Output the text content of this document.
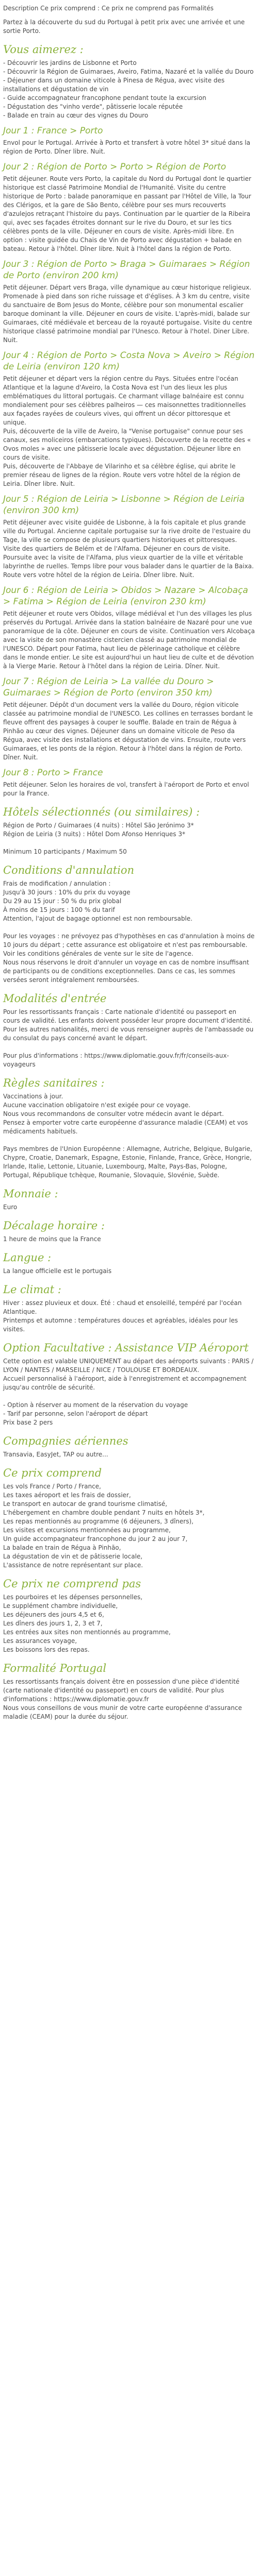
Description Ce prix comprend : Ce prix ne comprend pas Formalités

Partez à la découverte du sud du Portugal à petit prix avec une arrivée et une sortie Porto.

Vous aimerez :
- Découvrir les jardins de Lisbonne et Porto
- Découvrir la Région de Guimaraes, Aveiro, Fatima, Nazaré et la vallée du Douro
- Déjeuner dans un domaine viticole à Pinesa de Régua, avec visite des installations et dégustation de vin
- Guide accompagnateur francophone pendant toute la excursion
- Dégustation des "vinho verde", pâtisserie locale réputée
- Balade en train au cœur des vignes du Douro
Jour 1 : France > Porto

Envol pour le Portugal. Arrivée à Porto et transfert à votre hôtel 3* situé dans la région de Porto. Dîner libre. Nuit.

Jour 2 : Région de Porto > Porto > Région de Porto

Petit déjeuner. Route vers Porto, la capitale du Nord du Portugal dont le quartier historique est classé Patrimoine Mondial de l'Humanité. Visite du centre historique de Porto : balade panoramique en passant par l'Hôtel de Ville, la Tour des Clérigos, et la gare de São Bento, célèbre pour ses murs recouverts d'azulejos retraçant l'histoire du pays. Continuation par le quartier de la Ribeira qui, avec ses façades étroites donnant sur le rive du Douro, et sur les tics célèbres ponts de la ville. Déjeuner en cours de visite. Après-midi libre. En option : visite guidée du Chais de Vin de Porto avec dégustation + balade en bateau. Retour à l'hôtel. Dîner libre. Nuit à l'hôtel dans la région de Porto.

Jour 3 : Région de Porto > Braga > Guimaraes > Région de Porto (environ 200 km)

Petit déjeuner. Départ vers Braga, ville dynamique au cœur historique religieux. Promenade à pied dans son riche ruissage et d'églises. À 3 km du centre, visite du sanctuaire de Bom Jesus do Monte, célèbre pour son monumental escalier baroque dominant la ville. Déjeuner en cours de visite. L'après-midi, balade sur Guimaraes, cité médiévale et berceau de la royauté portugaise. Visite du centre historique classé patrimoine mondial par l'Unesco. Retour à l'hotel. Diner Libre. Nuit.

Jour 4 : Région de Porto > Costa Nova > Aveiro > Région de Leiria (environ 120 km)

Petit déjeuner et départ vers la région centre du Pays. Situées entre l'océan Atlantique et la lagune d'Aveiro, la Costa Nova est l'un des lieux les plus emblématiques du littoral portugais. Ce charmant village balnéaire est connu mondialement pour ses célèbres palheiros — ces maisonnettes traditionnelles aux façades rayées de couleurs vives, qui offrent un décor pittoresque et unique.
Puis, découverte de la ville de Aveiro, la "Venise portugaise" connue pour ses canaux, ses moliceiros (embarcations typiques). Découverte de la recette des « Ovos moles » avec une pâtisserie locale avec dégustation. Déjeuner libre en cours de visite.
Puis, découverte de l'Abbaye de Vilarinho et sa célèbre église, qui abrite le premier réseau de lignes de la région. Route vers votre hôtel de la région de Leiria. Dîner libre. Nuit.

Jour 5 : Région de Leiria > Lisbonne > Région de Leiria (environ 300 km)

Petit déjeuner avec visite guidée de Lisbonne, à la fois capitale et plus grande ville du Portugal. Ancienne capitale portugaise sur la rive droite de l'estuaire du Tage, la ville se compose de plusieurs quartiers historiques et pittoresques. Visite des quartiers de Belém et de l'Alfama. Déjeuner en cours de visite. Poursuite avec la visite de l'Alfama, plus vieux quartier de la ville et véritable labyrinthe de ruelles. Temps libre pour vous balader dans le quartier de la Baixa. Route vers votre hôtel de la région de Leiria. Dîner libre. Nuit.

Jour 6 : Région de Leiria > Obidos > Nazare > Alcobaça > Fatima > Région de Leiria (environ 230 km)

Petit déjeuner et route vers Obidos, village médiéval et l'un des villages les plus préservés du Portugal. Arrivée dans la station balnéaire de Nazaré pour une vue panoramique de la côte. Déjeuner en cours de visite. Continuation vers Alcobaça avec la visite de son monastère cistercien classé au patrimoine mondial de l'UNESCO. Départ pour Fatima, haut lieu de pèlerinage catholique et célèbre dans le monde entier. Le site est aujourd'hui un haut lieu de culte et de dévotion à la Vierge Marie. Retour à l'hôtel dans la région de Leiria. Dîner. Nuit.

Jour 7 : Région de Leiria > La vallée du Douro > Guimaraes > Région de Porto (environ 350 km)

Petit déjeuner. Dépôt d'un document vers la vallée du Douro, région viticole classée au patrimoine mondial de l'UNESCO. Les collines en terrasses bordant le fleuve offrent des paysages à couper le souffle. Balade en train de Régua à Pinhão au cœur des vignes. Déjeuner dans un domaine viticole de Peso da Régua, avec visite des installations et dégustation de vins. Ensuite, route vers Guimaraes, et les ponts de la région. Retour à l'hôtel dans la région de Porto. Dîner. Nuit.

Jour 8 : Porto > France

Petit déjeuner. Selon les horaires de vol, transfert à l'aéroport de Porto et envol pour la France.

Hôtels sélectionnés (ou similaires) :

Région de Porto / Guimaraes (4 nuits) : Hôtel São Jerónimo 3*

Région de Leiria (3 nuits) : Hôtel Dom Afonso Henriques 3*

Minimum 10 participants / Maximum 50

Conditions d'annulation

Frais de modification / annulation :

Jusqu'à 30 jours : 10% du prix du voyage

Du 29 au 15 jour : 50 % du prix global

À moins de 15 jours : 100 % du tarif

Attention, l'ajout de bagage optionnel est non remboursable.

Pour les voyages : ne prévoyez pas d'hypothèses en cas d'annulation à moins de 10 jours du départ ; cette assurance est obligatoire et n'est pas remboursable. Voir les conditions générales de vente sur le site de l'agence.

Nous nous réservons le droit d'annuler un voyage en cas de nombre insuffisant de participants ou de conditions exceptionnelles. Dans ce cas, les sommes versées seront intégralement remboursées.

Modalités d'entrée

Pour les ressortissants français : Carte nationale d'identité ou passeport en cours de validité. Les enfants doivent posséder leur propre document d'identité.

Pour les autres nationalités, merci de vous renseigner auprès de l'ambassade ou du consulat du pays concerné avant le départ.

Pour plus d'informations : https://www.diplomatie.gouv.fr/fr/conseils-aux-voyageurs

Règles sanitaires :

Vaccinations à jour.

Aucune vaccination obligatoire n'est exigée pour ce voyage.

Nous vous recommandons de consulter votre médecin avant le départ.

Pensez à emporter votre carte européenne d'assurance maladie (CEAM) et vos médicaments habituels.

Pays membres de l'Union Européenne : Allemagne, Autriche, Belgique, Bulgarie, Chypre, Croatie, Danemark, Espagne, Estonie, Finlande, France, Grèce, Hongrie, Irlande, Italie, Lettonie, Lituanie, Luxembourg, Malte, Pays-Bas, Pologne, Portugal, République tchèque, Roumanie, Slovaquie, Slovénie, Suède.

Monnaie :

Euro

Décalage horaire :

1 heure de moins que la France

Langue :

La langue officielle est le portugais

Le climat :

Hiver : assez pluvieux et doux. Été : chaud et ensoleillé, tempéré par l'océan Atlantique.

Printemps et automne : températures douces et agréables, idéales pour les visites.

Option Facultative : Assistance VIP Aéroport

Cette option est valable UNIQUEMENT au départ des aéroports suivants : PARIS / LYON / NANTES / MARSEILLE / NICE / TOULOUSE ET BORDEAUX.

Accueil personnalisé à l'aéroport, aide à l'enregistrement et accompagnement jusqu'au contrôle de sécurité.

- Option à réserver au moment de la réservation du voyage

- Tarif par personne, selon l'aéroport de départ

Prix base 2 pers

Compagnies aériennes

Transavia, EasyJet, TAP ou autre...

Ce prix comprend

Les vols France / Porto / France,

Les taxes aéroport et les frais de dossier,

Le transport en autocar de grand tourisme climatisé,

L'hébergement en chambre double pendant 7 nuits en hôtels 3*,

Les repas mentionnés au programme (6 déjeuners, 3 dîners),

Les visites et excursions mentionnées au programme,

Un guide accompagnateur francophone du jour 2 au jour 7,

La balade en train de Régua à Pinhão,

La dégustation de vin et de pâtisserie locale,

L'assistance de notre représentant sur place.

Ce prix ne comprend pas

Les pourboires et les dépenses personnelles,

Le supplément chambre individuelle,

Les déjeuners des jours 4,5 et 6,

Les dîners des jours 1, 2, 3 et 7,

Les entrées aux sites non mentionnés au programme,

Les assurances voyage,

Les boissons lors des repas.

Formalité Portugal

Les ressortissants français doivent être en possession d'une pièce d'identité (carte nationale d'identité ou passeport) en cours de validité. Pour plus d'informations : https://www.diplomatie.gouv.fr

Nous vous conseillons de vous munir de votre carte européenne d'assurance maladie (CEAM) pour la durée du séjour.
